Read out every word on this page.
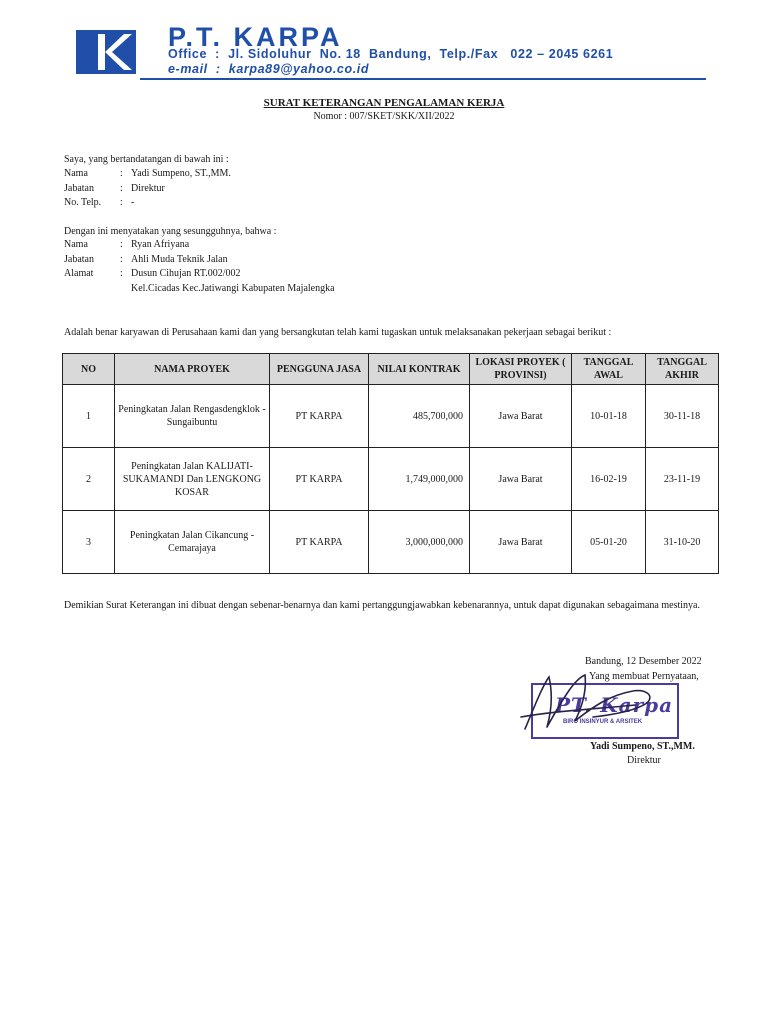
P.T. KARPA
Office  :  Jl. Sidoluhur  No. 18  Bandung,  Telp./Fax   022 – 2045 6261
e-mail  :  karpa89@yahoo.co.id
SURAT KETERANGAN PENGALAMAN KERJA
Nomor : 007/SKET/SKK/XII/2022
Saya, yang bertandatangan di bawah ini :
Nama	: Yadi Sumpeno, ST.,MM.
Jabatan	: Direktur
No. Telp. : -
Dengan ini menyatakan yang sesungguhnya, bahwa :
Nama	: Ryan Afriyana
Jabatan	: Ahli Muda Teknik Jalan
Alamat	: Dusun Cihujan RT.002/002
Kel.Cicadas Kec.Jatiwangi Kabupaten Majalengka
Adalah benar karyawan di Perusahaan kami dan yang bersangkutan telah kami tugaskan untuk melaksanakan pekerjaan sebagai berikut :
NO	NAMA PROYEK	PENGGUNA JASA	NILAI KONTRAK	LOKASI PROYEK ( PROVINSI)	TANGGAL AWAL	TANGGAL AKHIR
1	Peningkatan Jalan Rengasdengklok - Sungaibuntu	PT KARPA	485,700,000	Jawa Barat	10-01-18	30-11-18
2	Peningkatan Jalan KALIJATI-SUKAMANDI Dan LENGKONG KOSAR	PT KARPA	1,749,000,000	Jawa Barat	16-02-19	23-11-19
3	Peningkatan Jalan Cikancung - Cemarajaya	PT KARPA	3,000,000,000	Jawa Barat	05-01-20	31-10-20
Demikian Surat Keterangan ini dibuat dengan sebenar-benarnya dan kami pertanggungjawabkan kebenarannya, untuk dapat digunakan sebagaimana mestinya.
Bandung, 12 Desember 2022
Yang membuat Pernyataan,
PT. Karpa
BIRO INSINYUR & ARSITEK
Yadi Sumpeno, ST.,MM.
Direktur
